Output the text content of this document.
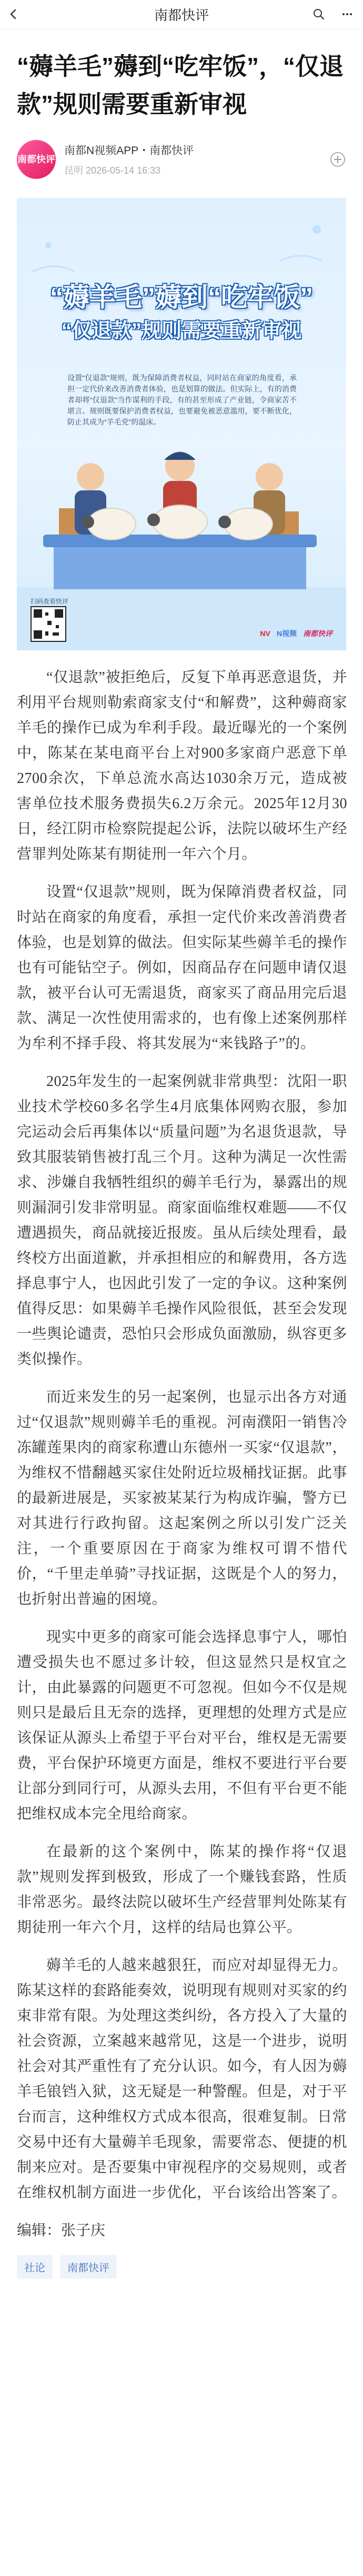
南都快评
“薅羊毛”薅到“吃牢饭”，“仅退款”规则需要重新审视
南都快评
南都N视频APP・南都快评
昆明 2026-05-14 16:33
“薅羊毛”薅到“吃牢饭”
“仅退款”规则需要重新审视
设置“仅退款”规则，既为保障消费者权益，同时站在商家的角度看，承担一定代价来改善消费者体验，也是划算的做法。但实际上，有的消费者却将“仅退款”当作谋利的手段，有的甚至形成了产业链，令商家苦不堪言。规则既要保护消费者权益，也要避免被恶意滥用，要不断优化，防止其成为“羊毛党”的温床。
扫码查看快评
NV N视频 南都快评

“仅退款”被拒绝后，反复下单再恶意退货，并利用平台规则勒索商家支付“和解费”，这种薅商家羊毛的操作已成为牟利手段。最近曝光的一个案例中，陈某在某电商平台上对900多家商户恶意下单2700余次，下单总流水高达1030余万元，造成被害单位技术服务费损失6.2万余元。2025年12月30日，经江阴市检察院提起公诉，法院以破坏生产经营罪判处陈某有期徒刑一年六个月。

设置“仅退款”规则，既为保障消费者权益，同时站在商家的角度看，承担一定代价来改善消费者体验，也是划算的做法。但实际某些薅羊毛的操作也有可能钻空子。例如，因商品存在问题申请仅退款，被平台认可无需退货，商家买了商品用完后退款、满足一次性使用需求的，也有像上述案例那样为牟利不择手段、将其发展为“来钱路子”的。

2025年发生的一起案例就非常典型：沈阳一职业技术学校60多名学生4月底集体网购衣服，参加完运动会后再集体以“质量问题”为名退货退款，导致其服装销售被打乱三个月。这种为满足一次性需求、涉嫌自我牺牲组织的薅羊毛行为，暴露出的规则漏洞引发非常明显。商家面临维权难题——不仅遭遇损失，商品就接近报废。虽从后续处理看，最终校方出面道歉，并承担相应的和解费用，各方选择息事宁人，也因此引发了一定的争议。这种案例值得反思：如果薅羊毛操作风险很低，甚至会发现一些舆论谴责，恐怕只会形成负面激励，纵容更多类似操作。

而近来发生的另一起案例，也显示出各方对通过“仅退款”规则薅羊毛的重视。河南濮阳一销售冷冻罐莲果肉的商家称遭山东德州一买家“仅退款”，为维权不惜翻越买家住处附近垃圾桶找证据。此事的最新进展是，买家被某某行为构成诈骗，警方已对其进行行政拘留。这起案例之所以引发广泛关注，一个重要原因在于商家为维权可谓不惜代价，“千里走单骑”寻找证据，这既是个人的努力，也折射出普遍的困境。

现实中更多的商家可能会选择息事宁人，哪怕遭受损失也不愿过多计较，但这显然只是权宜之计，由此暴露的问题更不可忽视。但如今不仅是规则只是最后且无奈的选择，更理想的处理方式是应该保证从源头上希望于平台对平台，维权是无需要费，平台保护环境更方面是，维权不要进行平台要让部分到同行可，从源头去用，不但有平台更不能把维权成本完全甩给商家。

在最新的这个案例中，陈某的操作将“仅退款”规则发挥到极致，形成了一个赚钱套路，性质非常恶劣。最终法院以破坏生产经营罪判处陈某有期徒刑一年六个月，这样的结局也算公平。

薅羊毛的人越来越狠狂，而应对却显得无力。陈某这样的套路能奏效，说明现有规则对买家的约束非常有限。为处理这类纠纷，各方投入了大量的社会资源，立案越来越常见，这是一个进步，说明社会对其严重性有了充分认识。如今，有人因为薅羊毛锒铛入狱，这无疑是一种警醒。但是，对于平台而言，这种维权方式成本很高，很难复制。日常交易中还有大量薅羊毛现象，需要常态、便捷的机制来应对。是否要集中审视程序的交易规则，或者在维权机制方面进一步优化，平台该给出答案了。

编辑：张子庆

社论	南都快评
